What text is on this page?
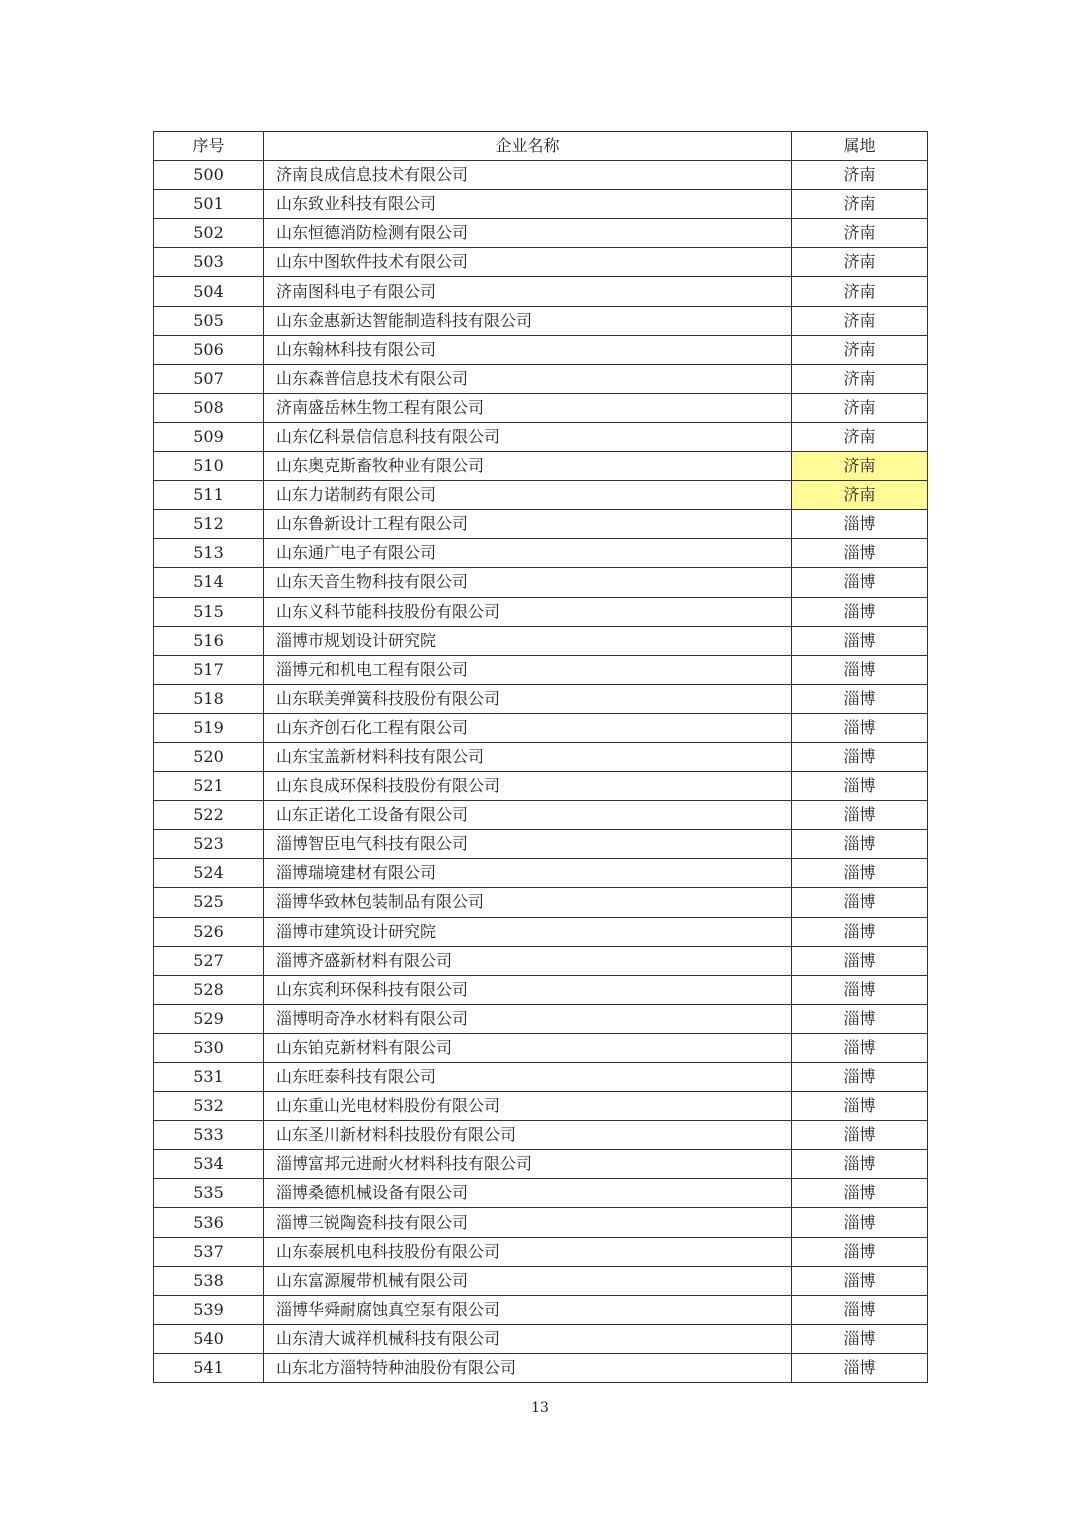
序号	企业名称	属地
500	济南良成信息技术有限公司	济南
501	山东致业科技有限公司	济南
502	山东恒德消防检测有限公司	济南
503	山东中图软件技术有限公司	济南
504	济南图科电子有限公司	济南
505	山东金惠新达智能制造科技有限公司	济南
506	山东翰林科技有限公司	济南
507	山东森普信息技术有限公司	济南
508	济南盛岳林生物工程有限公司	济南
509	山东亿科景信信息科技有限公司	济南
510	山东奥克斯畜牧种业有限公司	济南
511	山东力诺制药有限公司	济南
512	山东鲁新设计工程有限公司	淄博
513	山东通广电子有限公司	淄博
514	山东天音生物科技有限公司	淄博
515	山东义科节能科技股份有限公司	淄博
516	淄博市规划设计研究院	淄博
517	淄博元和机电工程有限公司	淄博
518	山东联美弹簧科技股份有限公司	淄博
519	山东齐创石化工程有限公司	淄博
520	山东宝盖新材料科技有限公司	淄博
521	山东良成环保科技股份有限公司	淄博
522	山东正诺化工设备有限公司	淄博
523	淄博智臣电气科技有限公司	淄博
524	淄博瑞境建材有限公司	淄博
525	淄博华致林包装制品有限公司	淄博
526	淄博市建筑设计研究院	淄博
527	淄博齐盛新材料有限公司	淄博
528	山东宾利环保科技有限公司	淄博
529	淄博明奇净水材料有限公司	淄博
530	山东铂克新材料有限公司	淄博
531	山东旺泰科技有限公司	淄博
532	山东重山光电材料股份有限公司	淄博
533	山东圣川新材料科技股份有限公司	淄博
534	淄博富邦元进耐火材料科技有限公司	淄博
535	淄博桑德机械设备有限公司	淄博
536	淄博三锐陶瓷科技有限公司	淄博
537	山东泰展机电科技股份有限公司	淄博
538	山东富源履带机械有限公司	淄博
539	淄博华舜耐腐蚀真空泵有限公司	淄博
540	山东清大诚祥机械科技有限公司	淄博
541	山东北方淄特特种油股份有限公司	淄博
13
